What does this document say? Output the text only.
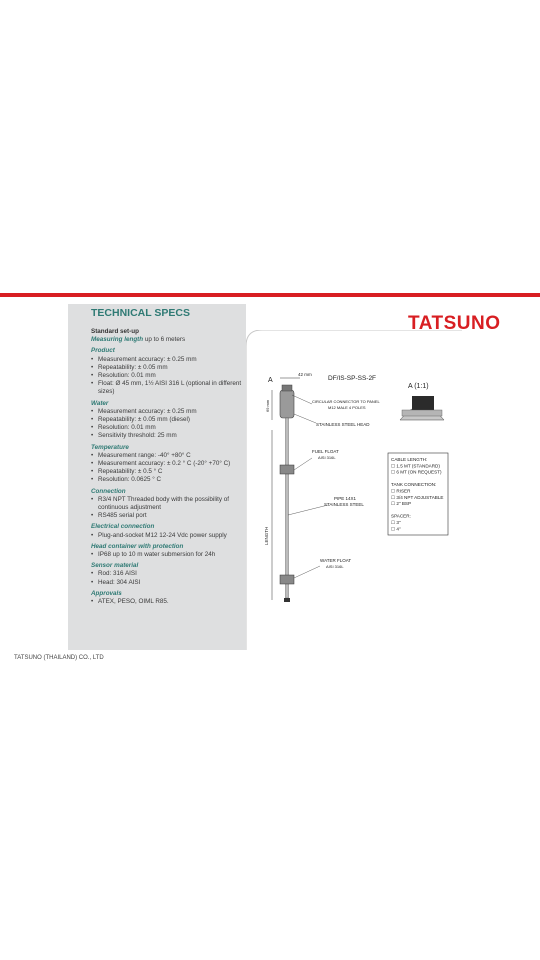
TATSUNO
TECHNICAL SPECS
Standard set-up
Measuring length up to 6 meters
Product
• Measurement accuracy: ± 0.25 mm
• Repeatability: ± 0.05 mm
• Resolution: 0.01 mm
• Float: Ø 45 mm, 1½ AISI 316 L (optional in different sizes)
Water
• Measurement accuracy: ± 0.25 mm
• Repeatability: ± 0.05 mm (diesel)
• Resolution: 0.01 mm
• Sensitivity threshold: 25 mm
Temperature
• Measurement range: -40° +80° C
• Measurement accuracy: ± 0.2 ° C (-20° +70° C)
• Repeatability: ± 0.5 ° C
• Resolution: 0.0625 ° C
Connection
• R3/4 NPT Threaded body with the possibility of continuous adjustment
• RS485 serial port
Electrical connection
• Plug-and-socket M12 12-24 Vdc power supply
Head container with protection
• IP68 up to 10 m water submersion for 24h
Sensor material
• Rod: 316 AISI
• Head: 304 AISI
Approvals
• ATEX, PESO, OIML R85.
A
42 mm
DF/IS-SP-SS-2F
69 mm
LENGTH
CIRCULAR CONNECTOR TO PANEL
M12 MALE 4 POLES
STAINLESS STEEL HEAD
FUEL FLOAT
AISI 316L
PIPE 14X1
STAINLESS STEEL
WATER FLOAT
AISI 316L
A (1:1)
CABLE LENGTH:
☐ 1.5 MT (STANDARD)
☐ 6 MT (ON REQUEST)
TANK CONNECTION:
☐ RISER
☐ 3/4 NPT ADJUSTABLE
☐ 2" BSP
SPACER:
☐ 3"
☐ 4"
TATSUNO (THAILAND) CO., LTD
